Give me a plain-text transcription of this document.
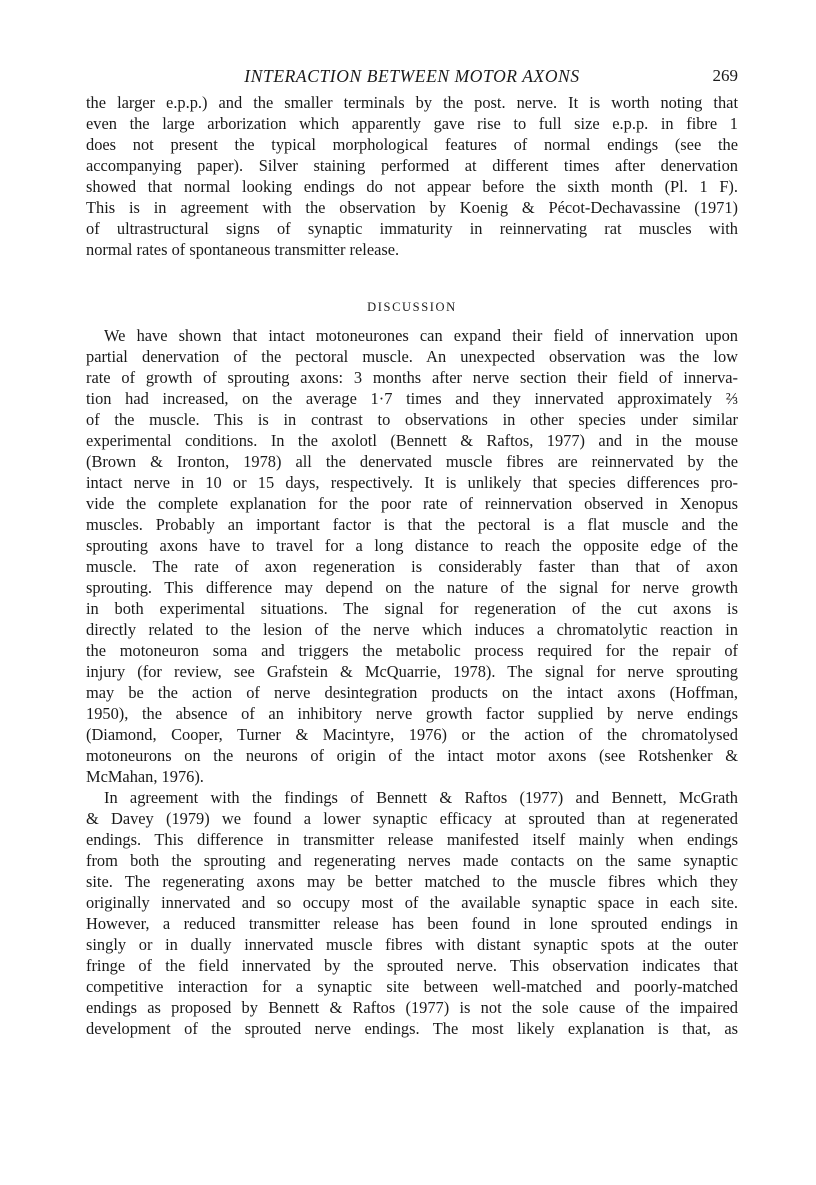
INTERACTION BETWEEN MOTOR AXONS	269

the larger e.p.p.) and the smaller terminals by the post. nerve. It is worth noting that
even the large arborization which apparently gave rise to full size e.p.p. in fibre 1
does not present the typical morphological features of normal endings (see the
accompanying paper). Silver staining performed at different times after denervation
showed that normal looking endings do not appear before the sixth month (Pl. 1 F).
This is in agreement with the observation by Koenig & Pécot-Dechavassine (1971)
of ultrastructural signs of synaptic immaturity in reinnervating rat muscles with
normal rates of spontaneous transmitter release.

DISCUSSION

We have shown that intact motoneurones can expand their field of innervation upon
partial denervation of the pectoral muscle. An unexpected observation was the low
rate of growth of sprouting axons: 3 months after nerve section their field of innerva-
tion had increased, on the average 1·7 times and they innervated approximately ⅔
of the muscle. This is in contrast to observations in other species under similar
experimental conditions. In the axolotl (Bennett & Raftos, 1977) and in the mouse
(Brown & Ironton, 1978) all the denervated muscle fibres are reinnervated by the
intact nerve in 10 or 15 days, respectively. It is unlikely that species differences pro-
vide the complete explanation for the poor rate of reinnervation observed in Xenopus
muscles. Probably an important factor is that the pectoral is a flat muscle and the
sprouting axons have to travel for a long distance to reach the opposite edge of the
muscle. The rate of axon regeneration is considerably faster than that of axon
sprouting. This difference may depend on the nature of the signal for nerve growth
in both experimental situations. The signal for regeneration of the cut axons is
directly related to the lesion of the nerve which induces a chromatolytic reaction in
the motoneuron soma and triggers the metabolic process required for the repair of
injury (for review, see Grafstein & McQuarrie, 1978). The signal for nerve sprouting
may be the action of nerve desintegration products on the intact axons (Hoffman,
1950), the absence of an inhibitory nerve growth factor supplied by nerve endings
(Diamond, Cooper, Turner & Macintyre, 1976) or the action of the chromatolysed
motoneurons on the neurons of origin of the intact motor axons (see Rotshenker &
McMahan, 1976).

In agreement with the findings of Bennett & Raftos (1977) and Bennett, McGrath
& Davey (1979) we found a lower synaptic efficacy at sprouted than at regenerated
endings. This difference in transmitter release manifested itself mainly when endings
from both the sprouting and regenerating nerves made contacts on the same synaptic
site. The regenerating axons may be better matched to the muscle fibres which they
originally innervated and so occupy most of the available synaptic space in each site.
However, a reduced transmitter release has been found in lone sprouted endings in
singly or in dually innervated muscle fibres with distant synaptic spots at the outer
fringe of the field innervated by the sprouted nerve. This observation indicates that
competitive interaction for a synaptic site between well-matched and poorly-matched
endings as proposed by Bennett & Raftos (1977) is not the sole cause of the impaired
development of the sprouted nerve endings. The most likely explanation is that, as
